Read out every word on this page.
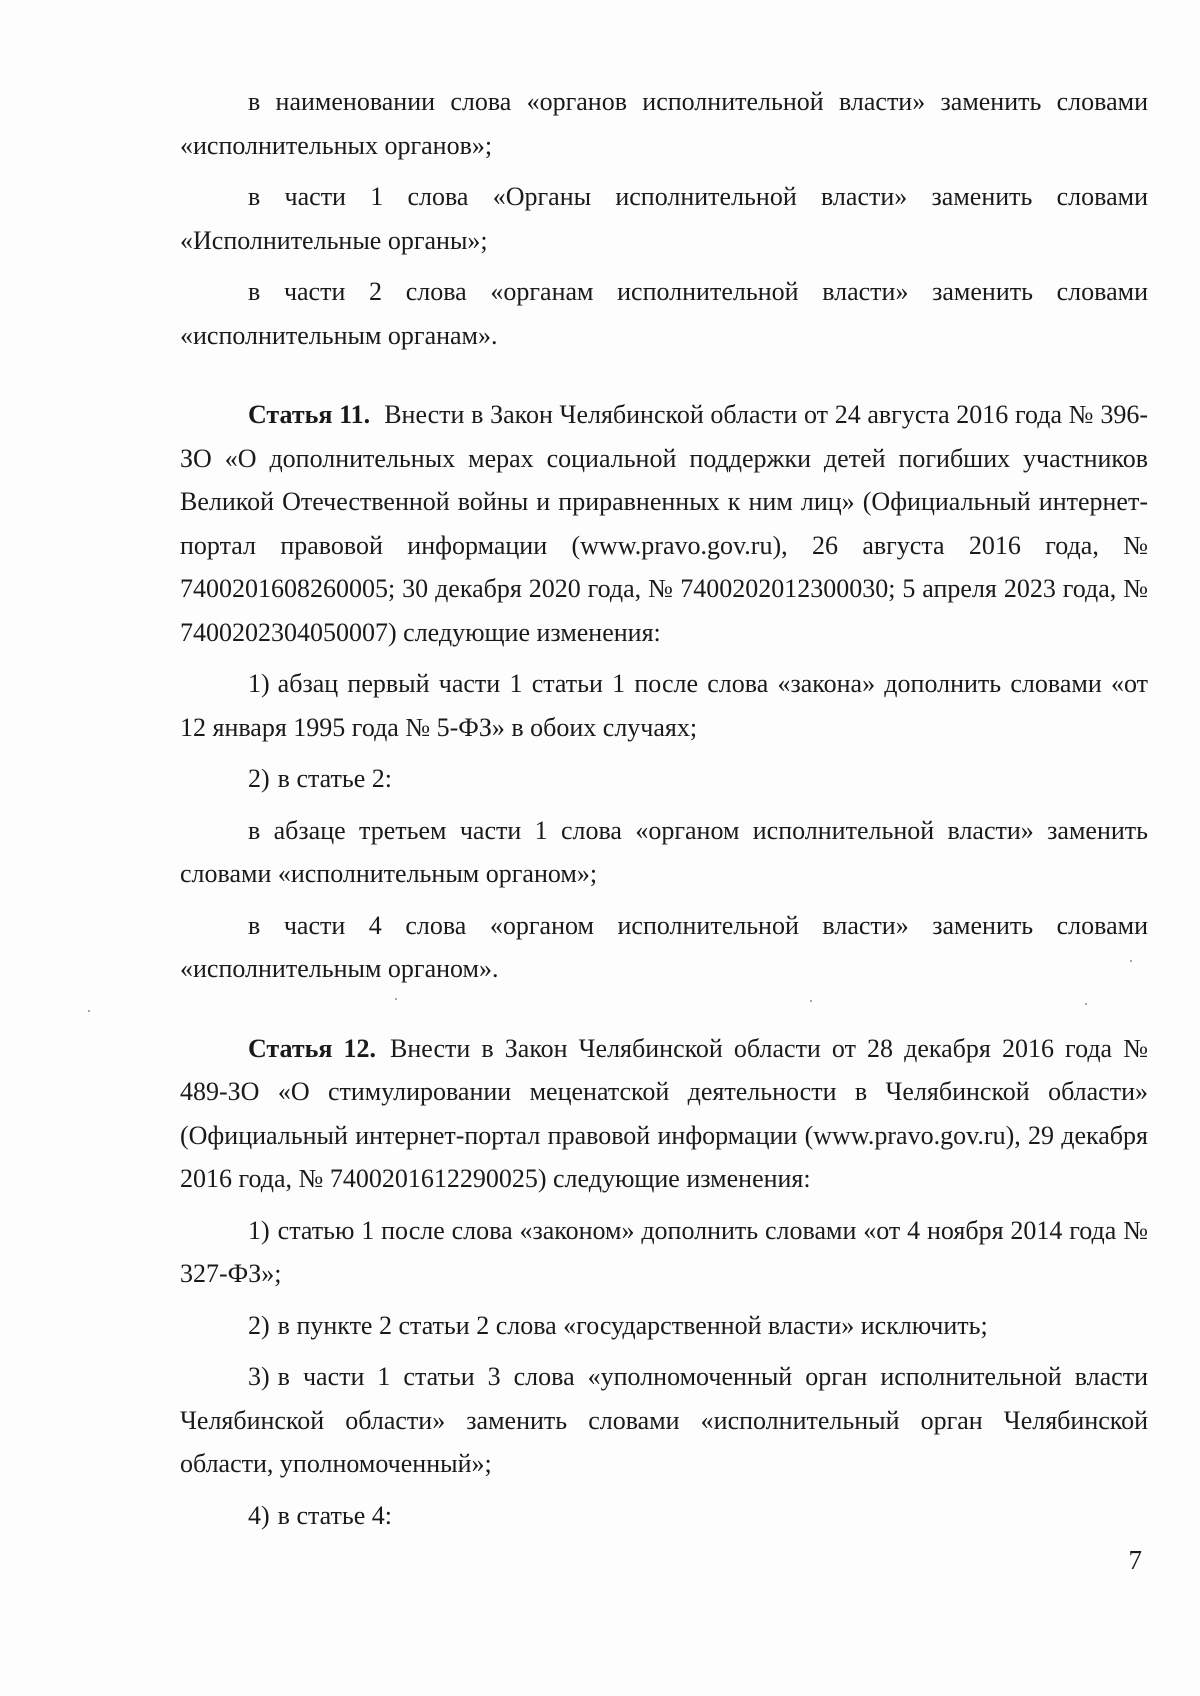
в наименовании слова «органов исполнительной власти» заменить словами «исполнительных органов»;

в части 1 слова «Органы исполнительной власти» заменить словами «Исполнительные органы»;

в части 2 слова «органам исполнительной власти» заменить словами «исполнительным органам».

Статья 11. Внести в Закон Челябинской области от 24 августа 2016 года № 396-ЗО «О дополнительных мерах социальной поддержки детей погибших участников Великой Отечественной войны и приравненных к ним лиц» (Официальный интернет-портал правовой информации (www.pravo.gov.ru), 26 августа 2016 года, № 7400201608260005; 30 декабря 2020 года, № 7400202012300030; 5 апреля 2023 года, № 7400202304050007) следующие изменения:

1) абзац первый части 1 статьи 1 после слова «закона» дополнить словами «от 12 января 1995 года № 5-ФЗ» в обоих случаях;

2) в статье 2:

в абзаце третьем части 1 слова «органом исполнительной власти» заменить словами «исполнительным органом»;

в части 4 слова «органом исполнительной власти» заменить словами «исполнительным органом».

Статья 12. Внести в Закон Челябинской области от 28 декабря 2016 года № 489-ЗО «О стимулировании меценатской деятельности в Челябинской области» (Официальный интернет-портал правовой информации (www.pravo.gov.ru), 29 декабря 2016 года, № 7400201612290025) следующие изменения:

1) статью 1 после слова «законом» дополнить словами «от 4 ноября 2014 года № 327-ФЗ»;

2) в пункте 2 статьи 2 слова «государственной власти» исключить;

3) в части 1 статьи 3 слова «уполномоченный орган исполнительной власти Челябинской области» заменить словами «исполнительный орган Челябинской области, уполномоченный»;

4) в статье 4:

7
